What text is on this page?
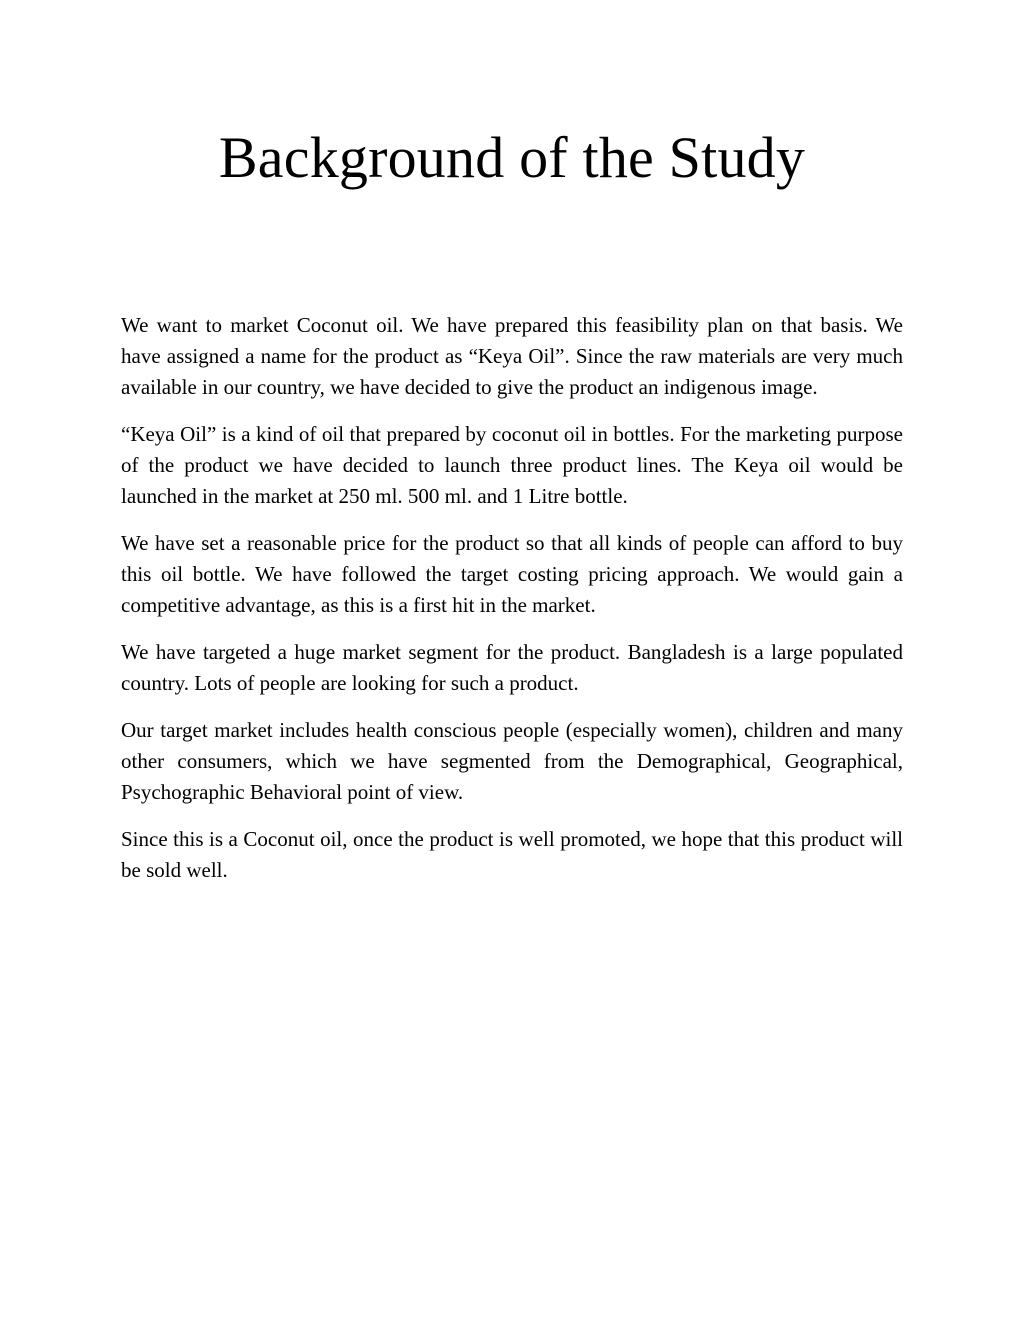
Background of the Study

We want to market Coconut oil. We have prepared this feasibility plan on that basis. We have assigned a name for the product as “Keya Oil”. Since the raw materials are very much available in our country, we have decided to give the product an indigenous image.

“Keya Oil” is a kind of oil that prepared by coconut oil in bottles. For the marketing purpose of the product we have decided to launch three product lines. The Keya oil would be launched in the market at 250 ml. 500 ml. and 1 Litre bottle.

We have set a reasonable price for the product so that all kinds of people can afford to buy this oil bottle. We have followed the target costing pricing approach. We would gain a competitive advantage, as this is a first hit in the market.

We have targeted a huge market segment for the product. Bangladesh is a large populated country. Lots of people are looking for such a product.

Our target market includes health conscious people (especially women), children and many other consumers, which we have segmented from the Demographical, Geographical, Psychographic Behavioral point of view.

Since this is a Coconut oil, once the product is well promoted, we hope that this product will be sold well.
